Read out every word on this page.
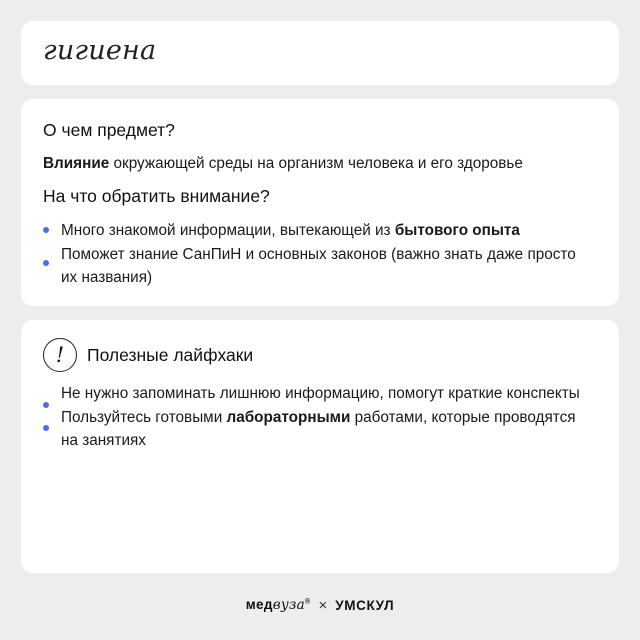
гигиена
О чем предмет?
Влияние окружающей среды на организм человека и его здоровье
На что обратить внимание?
Много знакомой информации, вытекающей из бытового опыта
Поможет знание СанПиН и основных законов (важно знать даже просто их названия)
! Полезные лайфхаки
Не нужно запоминать лишнюю информацию, помогут краткие конспекты
Пользуйтесь готовыми лабораторными работами, которые проводятся на занятиях
медвуза® × УМСКУЛ
